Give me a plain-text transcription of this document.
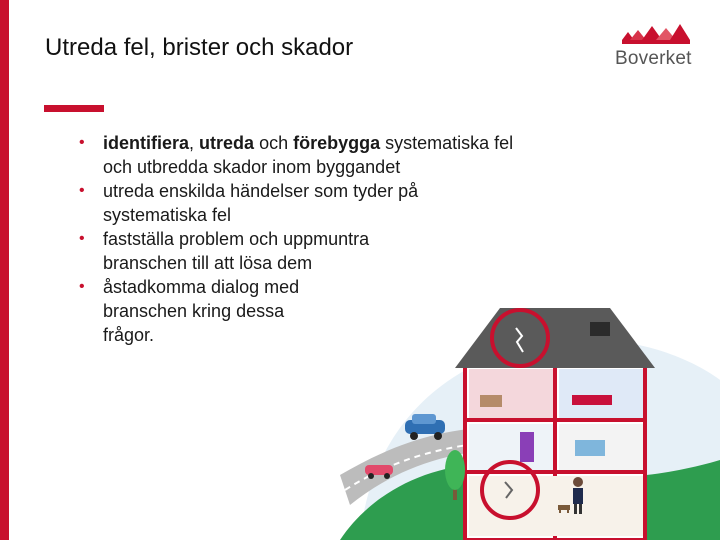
Utreda fel, brister och skador	Boverket
• identifiera, utreda och förebygga systematiska fel och utbredda skador inom byggandet
• utreda enskilda händelser som tyder på systematiska fel
• fastställa problem och uppmuntra branschen till att lösa dem
• åstadkomma dialog med branschen kring dessa frågor.
